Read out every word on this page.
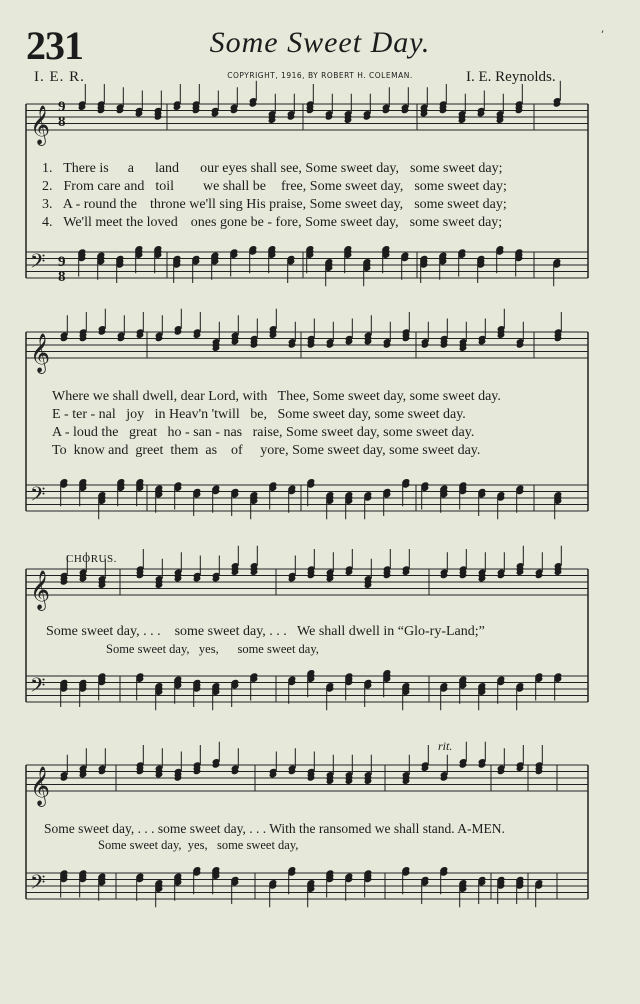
231	Some Sweet Day.	’
I. E. R.	COPYRIGHT, 1916, BY ROBERT H. COLEMAN.	I. E. Reynolds.
𝄞
𝄢
𝄞
𝄢
𝄞
𝄢
𝄞
𝄢
1. There is a land our eyes shall see, Some sweet day, some sweet day;
2. From care and toil we shall be free, Some sweet day, some sweet day;
3. A - round the throne we'll sing His praise, Some sweet day, some sweet day;
4. We'll meet the loved ones gone be - fore, Some sweet day, some sweet day;
Where we shall dwell, dear Lord, with   Thee, Some sweet day, some sweet day.
E - ter - nal   joy   in Heav'n 'twill   be,   Some sweet day, some sweet day.
A - loud the   great   ho - san - nas   raise, Some sweet day, some sweet day.
To  know and  greet  them  as    of     yore, Some sweet day, some sweet day.
CHORUS.
Some sweet day, . . .    some sweet day, . . .   We shall dwell in “Glo-ry-Land;”
Some sweet day,   yes,      some sweet day,
rit.
Some sweet day, . . . some sweet day, . . . With the ransomed we shall stand. A-MEN.
Some sweet day,  yes,   some sweet day,
9
8
9
8
